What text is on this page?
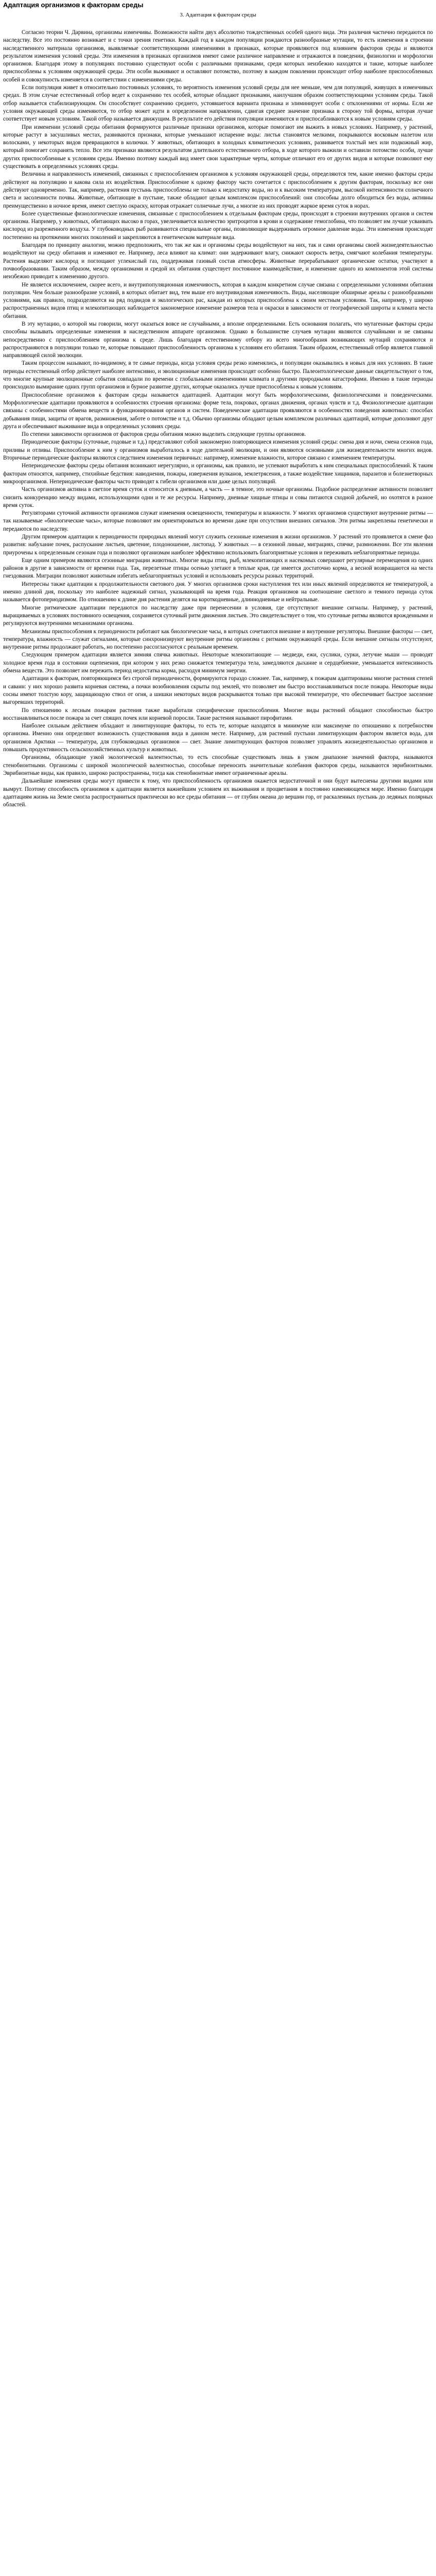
Адаптация организмов к факторам среды
3. Адаптация к факторам среды

Согласно теории Ч. Дарвина, организмы изменчивы. Возможности найти двух абсолютно тождественных особей одного вида. Эти различия частично передаются по наследству. Все это постоянно возникает и с точки зрения генетики. Каждый год в каждом популяции рождаются разнообразные мутации, то есть изменения в строении наследственного материала организмов, выявляемые соответствующими изменениями в признаках, которые проявляются под влиянием факторов среды и являются результатом изменения условий среды. Эти изменения в признаках организмов имеют самое различное направление и отражаются в поведении, физиологии и морфологии организмов. Благодаря этому в популяциях постоянно существуют особи с различными признаками, среди которых неизбежно находятся и такие, которые наиболее приспособлены к условиям окружающей среды. Эти особи выживают и оставляют потомство, поэтому в каждом поколении происходит отбор наиболее приспособленных особей и совокупность изменяется в соответствии с изменениями среды.

Если популяция живет в относительно постоянных условиях, то вероятность изменения условий среды для нее меньше, чем для популяций, живущих в изменчивых средах. В этом случае естественный отбор ведет к сохранению тех особей, которые обладают признаками, наилучшим образом соответствующими условиям среды. Такой отбор называется стабилизирующим. Он способствует сохранению среднего, устоявшегося варианта признака и элиминирует особи с отклонениями от нормы. Если же условия окружающей среды изменяются, то отбор может идти в определенном направлении, сдвигая среднее значение признака в сторону той формы, которая лучше соответствует новым условиям. Такой отбор называется движущим. В результате его действия популяции изменяются и приспосабливаются к новым условиям среды.

При изменении условий среды обитания формируются различные признаки организмов, которые помогают им выжить в новых условиях. Например, у растений, которые растут в засушливых местах, развиваются признаки, которые уменьшают испарение воды: листья становятся мелкими, покрываются восковым налетом или волосками, у некоторых видов превращаются в колючки. У животных, обитающих в холодных климатических условиях, развивается толстый мех или подкожный жир, который помогает сохранять тепло. Все эти признаки являются результатом длительного естественного отбора, в ходе которого выжили и оставили потомство особи, лучше других приспособленные к условиям среды. Именно поэтому каждый вид имеет свои характерные черты, которые отличают его от других видов и которые позволяют ему существовать в определенных условиях среды.

Величина и направленность изменений, связанных с приспособлением организмов к условиям окружающей среды, определяются тем, какие именно факторы среды действуют на популяцию и какова сила их воздействия. Приспособление к одному фактору часто сочетается с приспособлением к другим факторам, поскольку все они действуют одновременно. Так, например, растения пустынь приспособлены не только к недостатку воды, но и к высоким температурам, высокой интенсивности солнечного света и засоленности почвы. Животные, обитающие в пустыне, также обладают целым комплексом приспособлений: они способны долго обходиться без воды, активны преимущественно в ночное время, имеют светлую окраску, которая отражает солнечные лучи, а многие из них проводят жаркое время суток в норах.

Более существенные физиологические изменения, связанные с приспособлением к отдельным факторам среды, происходят в строении внутренних органов и систем организма. Например, у животных, обитающих высоко в горах, увеличивается количество эритроцитов в крови и содержание гемоглобина, что позволяет им лучше усваивать кислород из разреженного воздуха. У глубоководных рыб развиваются специальные органы, позволяющие выдерживать огромное давление воды. Эти изменения происходят постепенно на протяжении многих поколений и закрепляются в генетическом материале вида.

Благодаря по принципу аналогии, можно предположить, что так же как и организмы среды воздействуют на них, так и сами организмы своей жизнедеятельностью воздействуют на среду обитания и изменяют ее. Например, леса влияют на климат: они задерживают влагу, снижают скорость ветра, смягчают колебания температуры. Растения выделяют кислород и поглощают углекислый газ, поддерживая газовый состав атмосферы. Животные перерабатывают органические остатки, участвуют в почвообразовании. Таким образом, между организмами и средой их обитания существует постоянное взаимодействие, и изменение одного из компонентов этой системы неизбежно приводит к изменению другого.

Не является исключением, скорее всего, и внутрипопуляционная изменчивость, которая в каждом конкретном случае связана с определенными условиями обитания популяции. Чем больше разнообразие условий, в которых обитает вид, тем выше его внутривидовая изменчивость. Виды, населяющие обширные ареалы с разнообразными условиями, как правило, подразделяются на ряд подвидов и экологических рас, каждая из которых приспособлена к своим местным условиям. Так, например, у широко распространенных видов птиц и млекопитающих наблюдается закономерное изменение размеров тела и окраски в зависимости от географической широты и климата места обитания.

В эту мутацию, о которой мы говорили, могут оказаться вовсе не случайными, а вполне определенными. Есть основания полагать, что мутагенные факторы среды способны вызывать определенные изменения в наследственном аппарате организмов. Однако в большинстве случаев мутации являются случайными и не связаны непосредственно с приспособлением организма к среде. Лишь благодаря естественному отбору из всего многообразия возникающих мутаций сохраняются и распространяются в популяции только те, которые повышают приспособленность организма к условиям его обитания. Таким образом, естественный отбор является главной направляющей силой эволюции.

Таким процессом называют, по-видимому, в те самые периоды, когда условия среды резко изменялись, и популяции оказывались в новых для них условиях. В такие периоды естественный отбор действует наиболее интенсивно, и эволюционные изменения происходят особенно быстро. Палеонтологические данные свидетельствуют о том, что многие крупные эволюционные события совпадали по времени с глобальными изменениями климата и другими природными катастрофами. Именно в такие периоды происходило вымирание одних групп организмов и бурное развитие других, которые оказались лучше приспособлены к новым условиям.

Приспособление организмов к факторам среды называется адаптацией. Адаптации могут быть морфологическими, физиологическими и поведенческими. Морфологические адаптации проявляются в особенностях строения организма: форме тела, покровах, органах движения, органах чувств и т.д. Физиологические адаптации связаны с особенностями обмена веществ и функционирования органов и систем. Поведенческие адаптации проявляются в особенностях поведения животных: способах добывания пищи, защиты от врагов, размножения, заботе о потомстве и т.д. Обычно организмы обладают целым комплексом различных адаптаций, которые дополняют друг друга и обеспечивают выживание вида в определенных условиях среды.

По степени зависимости организмов от факторов среды обитания можно выделить следующие группы организмов.

Периодические факторы (суточные, годовые и т.д.) представляют собой закономерно повторяющиеся изменения условий среды: смена дня и ночи, смена сезонов года, приливы и отливы. Приспособление к ним у организмов выработалось в ходе длительной эволюции, и они являются основными для жизнедеятельности многих видов. Вторичные периодические факторы являются следствием изменения первичных: например, изменение влажности, которое связано с изменением температуры.

Непериодические факторы среды обитания возникают нерегулярно, и организмы, как правило, не успевают выработать к ним специальных приспособлений. К таким факторам относятся, например, стихийные бедствия: наводнения, пожары, извержения вулканов, землетрясения, а также воздействие хищников, паразитов и болезнетворных микроорганизмов. Непериодические факторы часто приводят к гибели организмов или даже целых популяций.

Часть организмов активна в светлое время суток и относится к дневным, а часть — в темное, это ночные организмы. Подобное распределение активности позволяет снизить конкуренцию между видами, использующими одни и те же ресурсы. Например, дневные хищные птицы и совы питаются сходной добычей, но охотятся в разное время суток.

Регуляторами суточной активности организмов служат изменения освещенности, температуры и влажности. У многих организмов существуют внутренние ритмы — так называемые «биологические часы», которые позволяют им ориентироваться во времени даже при отсутствии внешних сигналов. Эти ритмы закреплены генетически и передаются по наследству.

Другим примером адаптации к периодичности природных явлений могут служить сезонные изменения в жизни организмов. У растений это проявляется в смене фаз развития: набухание почек, распускание листьев, цветение, плодоношение, листопад. У животных — в сезонной линьке, миграциях, спячке, размножении. Все эти явления приурочены к определенным сезонам года и позволяют организмам наиболее эффективно использовать благоприятные условия и переживать неблагоприятные периоды.

Еще одним примером являются сезонные миграции животных. Многие виды птиц, рыб, млекопитающих и насекомых совершают регулярные перемещения из одних районов в другие в зависимости от времени года. Так, перелетные птицы осенью улетают в теплые края, где имеется достаточно корма, а весной возвращаются на места гнездования. Миграции позволяют животным избегать неблагоприятных условий и использовать ресурсы разных территорий.

Интересны также адаптации к продолжительности светового дня. У многих организмов сроки наступления тех или иных явлений определяются не температурой, а именно длиной дня, поскольку это наиболее надежный сигнал, указывающий на время года. Реакция организмов на соотношение светлого и темного периода суток называется фотопериодизмом. По отношению к длине дня растения делятся на короткодневные, длиннодневные и нейтральные.

Многие ритмические адаптации передаются по наследству даже при перенесении в условия, где отсутствуют внешние сигналы. Например, у растений, выращиваемых в условиях постоянного освещения, сохраняется суточный ритм движения листьев. Это свидетельствует о том, что суточные ритмы являются врожденными и регулируются внутренними механизмами организма.

Механизмы приспособления к периодичности работают как биологические часы, в которых сочетаются внешние и внутренние регуляторы. Внешние факторы — свет, температура, влажность — служат сигналами, которые синхронизируют внутренние ритмы организма с ритмами окружающей среды. Если внешние сигналы отсутствуют, внутренние ритмы продолжают работать, но постепенно рассогласуются с реальным временем.

Следующим примером адаптации является зимняя спячка животных. Некоторые млекопитающие — медведи, ежи, суслики, сурки, летучие мыши — проводят холодное время года в состоянии оцепенения, при котором у них резко снижается температура тела, замедляются дыхание и сердцебиение, уменьшается интенсивность обмена веществ. Это позволяет им пережить период недостатка корма, расходуя минимум энергии.

Адаптации к факторам, повторяющимся без строгой периодичности, формируются гораздо сложнее. Так, например, к пожарам адаптированы многие растения степей и саванн: у них хорошо развита корневая система, а почки возобновления скрыты под землей, что позволяет им быстро восстанавливаться после пожара. Некоторые виды сосны имеют толстую кору, защищающую ствол от огня, а шишки некоторых видов раскрываются только при высокой температуре, что обеспечивает быстрое заселение выгоревших территорий.

По отношению к лесным пожарам растения также выработали специфические приспособления. Многие виды растений обладают способностью быстро восстанавливаться после пожара за счет спящих почек или корневой поросли. Такие растения называют пирофитами.

Наиболее сильным действием обладают и лимитирующие факторы, то есть те, которые находятся в минимуме или максимуме по отношению к потребностям организма. Именно они определяют возможность существования вида в данном месте. Например, для растений пустыни лимитирующим фактором является вода, для организмов Арктики — температура, для глубоководных организмов — свет. Знание лимитирующих факторов позволяет управлять жизнедеятельностью организмов и повышать продуктивность сельскохозяйственных культур и животных.

Организмы, обладающие узкой экологической валентностью, то есть способные существовать лишь в узком диапазоне значений фактора, называются стенобионтными. Организмы с широкой экологической валентностью, способные переносить значительные колебания факторов среды, называются эврибионтными. Эврибионтные виды, как правило, широко распространены, тогда как стенобионтные имеют ограниченные ареалы.

Дальнейшие изменения среды могут привести к тому, что приспособленность организмов окажется недостаточной и они будут вытеснены другими видами или вымрут. Поэтому способность организмов к адаптации является важнейшим условием их выживания и процветания в постоянно изменяющемся мире. Именно благодаря адаптациям жизнь на Земле смогла распространиться практически во все среды обитания — от глубин океана до вершин гор, от раскаленных пустынь до ледяных полярных областей.
